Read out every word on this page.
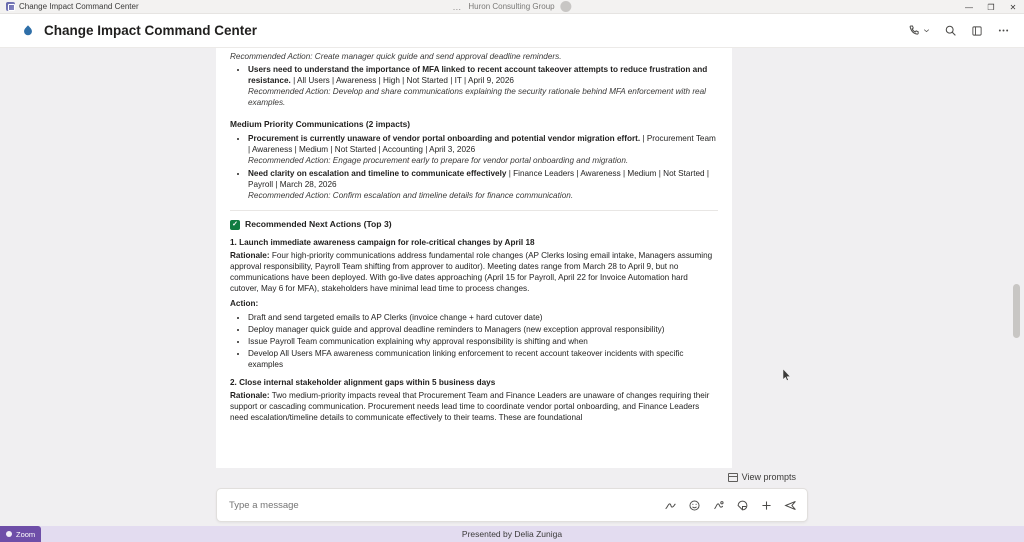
Change Impact Command Center	… Huron Consulting Group	—	❐	✕
Change Impact Command Center

Recommended Action: Create manager quick guide and send approval deadline reminders.

• Users need to understand the importance of MFA linked to recent account takeover attempts to reduce frustration and resistance. | All Users | Awareness | High | Not Started | IT | April 9, 2026
Recommended Action: Develop and share communications explaining the security rationale behind MFA enforcement with real examples.
Medium Priority Communications (2 impacts)
• Procurement is currently unaware of vendor portal onboarding and potential vendor migration effort. | Procurement Team | Awareness | Medium | Not Started | Accounting | April 3, 2026
Recommended Action: Engage procurement early to prepare for vendor portal onboarding and migration.
• Need clarity on escalation and timeline to communicate effectively | Finance Leaders | Awareness | Medium | Not Started | Payroll | March 28, 2026
Recommended Action: Confirm escalation and timeline details for finance communication.
✓ Recommended Next Actions (Top 3)
1. Launch immediate awareness campaign for role-critical changes by April 18

Rationale: Four high-priority communications address fundamental role changes (AP Clerks losing email intake, Managers assuming approval responsibility, Payroll Team shifting from approver to auditor). Meeting dates range from March 28 to April 9, but no communications have been deployed. With go-live dates approaching (April 15 for Payroll, April 22 for Invoice Automation hard cutover, May 6 for MFA), stakeholders have minimal lead time to process changes.

Action:
• Draft and send targeted emails to AP Clerks (invoice change + hard cutover date)
• Deploy manager quick guide and approval deadline reminders to Managers (new exception approval responsibility)
• Issue Payroll Team communication explaining why approval responsibility is shifting and when
• Develop All Users MFA awareness communication linking enforcement to recent account takeover incidents with specific examples
2. Close internal stakeholder alignment gaps within 5 business days

Rationale: Two medium-priority impacts reveal that Procurement Team and Finance Leaders are unaware of changes requiring their support or cascading communication. Procurement needs lead time to coordinate vendor portal onboarding, and Finance Leaders need escalation/timeline details to communicate effectively to their teams. These are foundational

View prompts
Type a message
Zoom	Presented by Delia Zuniga
